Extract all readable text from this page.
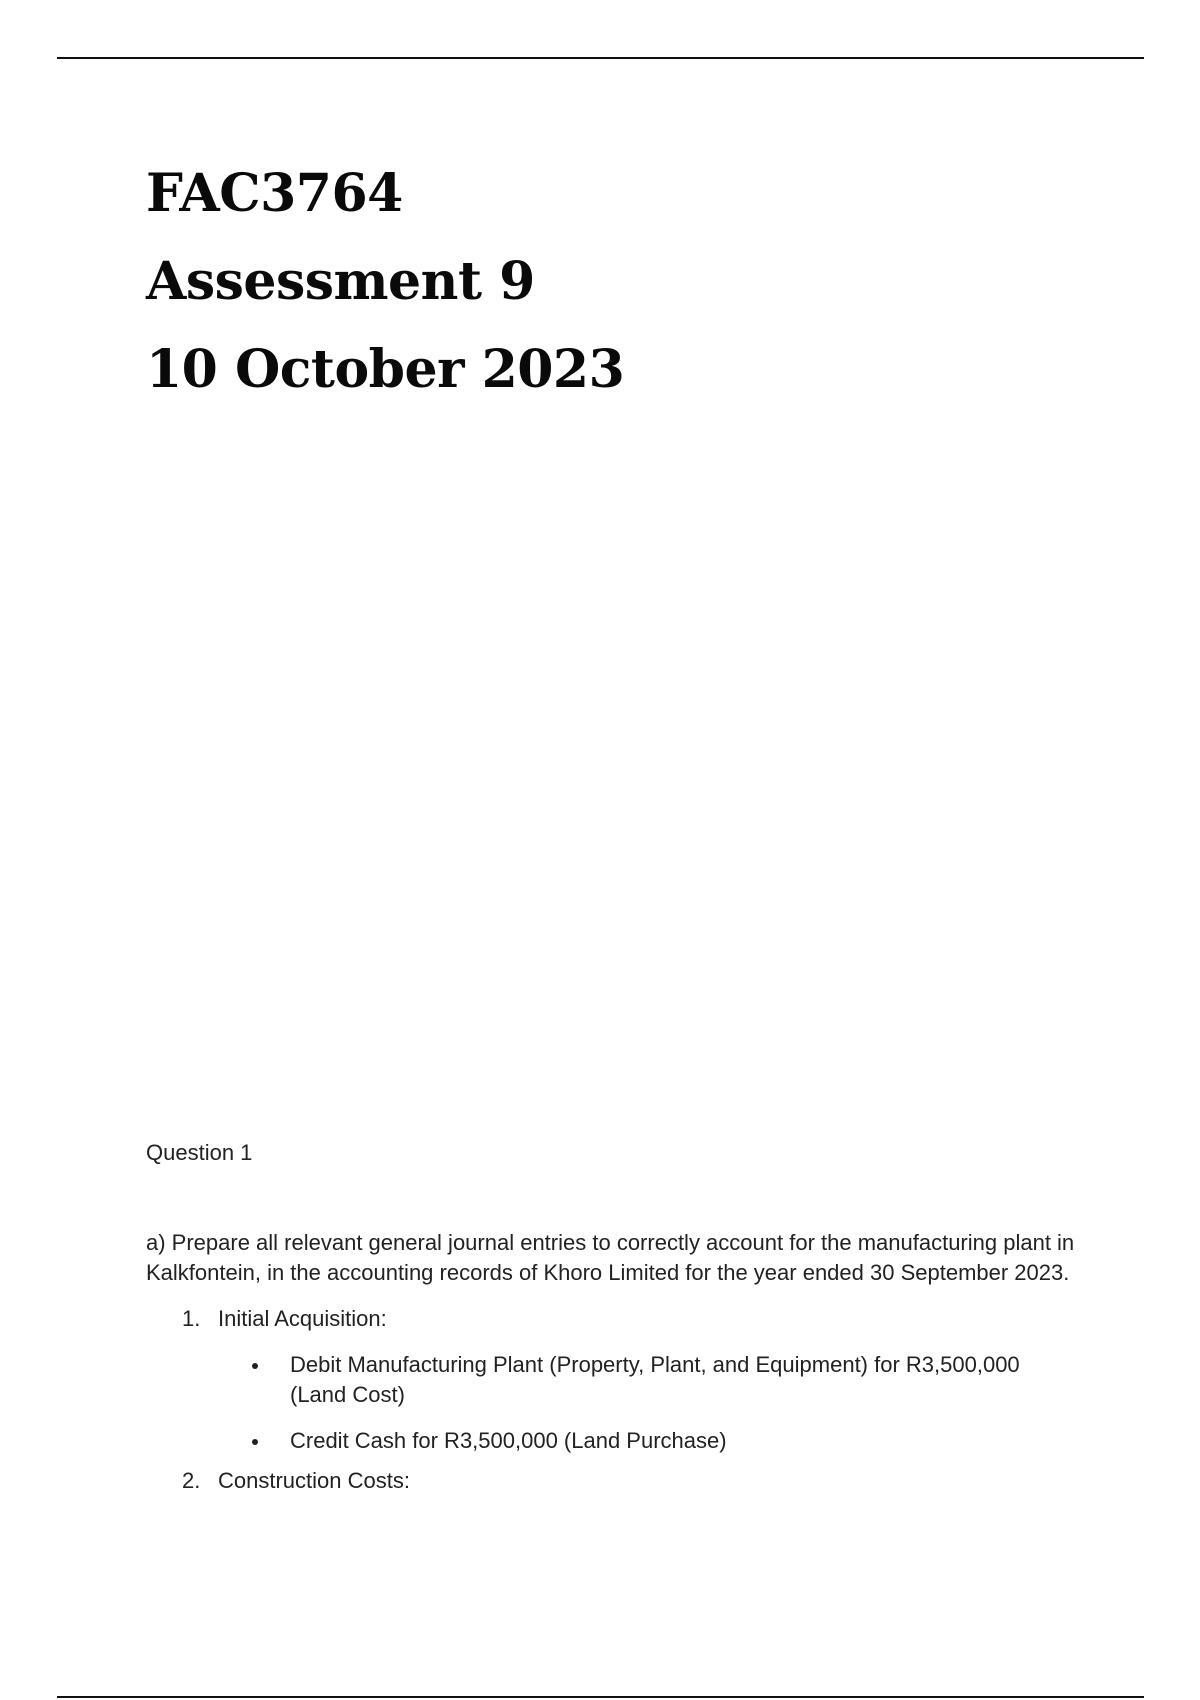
FAC3764
Assessment 9
10 October 2023

Question 1

a) Prepare all relevant general journal entries to correctly account for the manufacturing plant in Kalkfontein, in the accounting records of Khoro Limited for the year ended 30 September 2023.

1. Initial Acquisition:
Debit Manufacturing Plant (Property, Plant, and Equipment) for R3,500,000 (Land Cost)
Credit Cash for R3,500,000 (Land Purchase)
2. Construction Costs:
